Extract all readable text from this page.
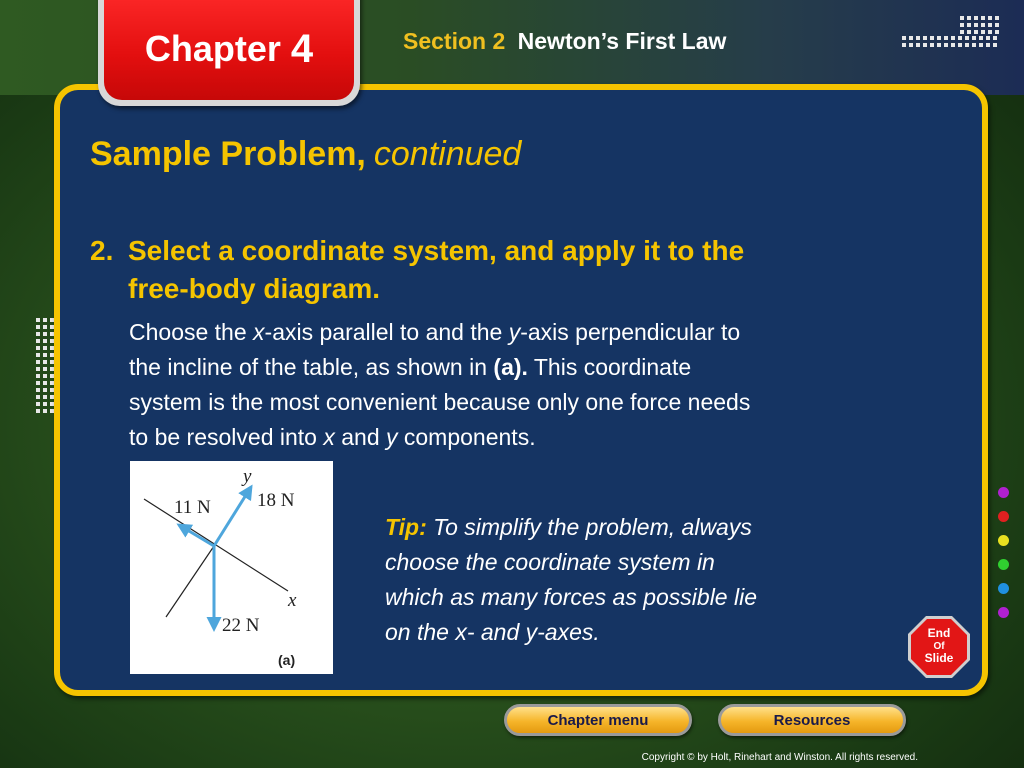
Chapter 4	Section 2 Newton’s First Law
Sample Problem, continued
2. Select a coordinate system, and apply it to the
free-body diagram.
Choose the x-axis parallel to and the y-axis perpendicular to
the incline of the table, as shown in (a). This coordinate
system is the most convenient because only one force needs
to be resolved into x and y components.
y
x
11 N 18 N
22 N
(a)
Tip: To simplify the problem, always
choose the coordinate system in
which as many forces as possible lie
on the x- and y-axes.	End
Of
Slide
Chapter menu	Resources
Copyright © by Holt, Rinehart and Winston. All rights reserved.
